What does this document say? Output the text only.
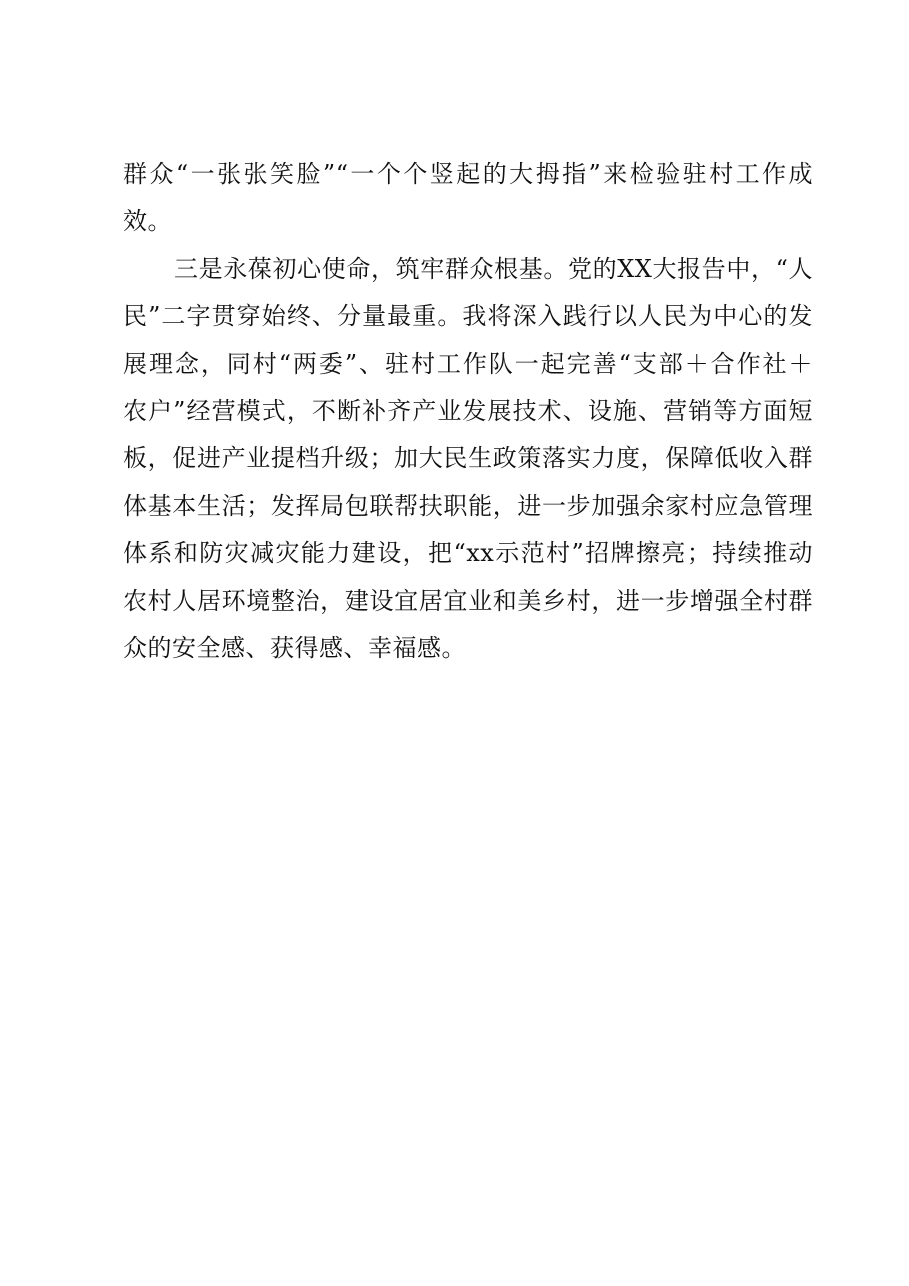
群众“一张张笑脸”“一个个竖起的大拇指”来检验驻村工作成
效。
三是永葆初心使命，筑牢群众根基。党的XX大报告中，“人
民”二字贯穿始终、分量最重。我将深入践行以人民为中心的发
展理念，同村“两委”、驻村工作队一起完善“支部＋合作社＋
农户”经营模式，不断补齐产业发展技术、设施、营销等方面短
板，促进产业提档升级；加大民生政策落实力度，保障低收入群
体基本生活；发挥局包联帮扶职能，进一步加强余家村应急管理
体系和防灾减灾能力建设，把“xx示范村”招牌擦亮；持续推动
农村人居环境整治，建设宜居宜业和美乡村，进一步增强全村群
众的安全感、获得感、幸福感。
